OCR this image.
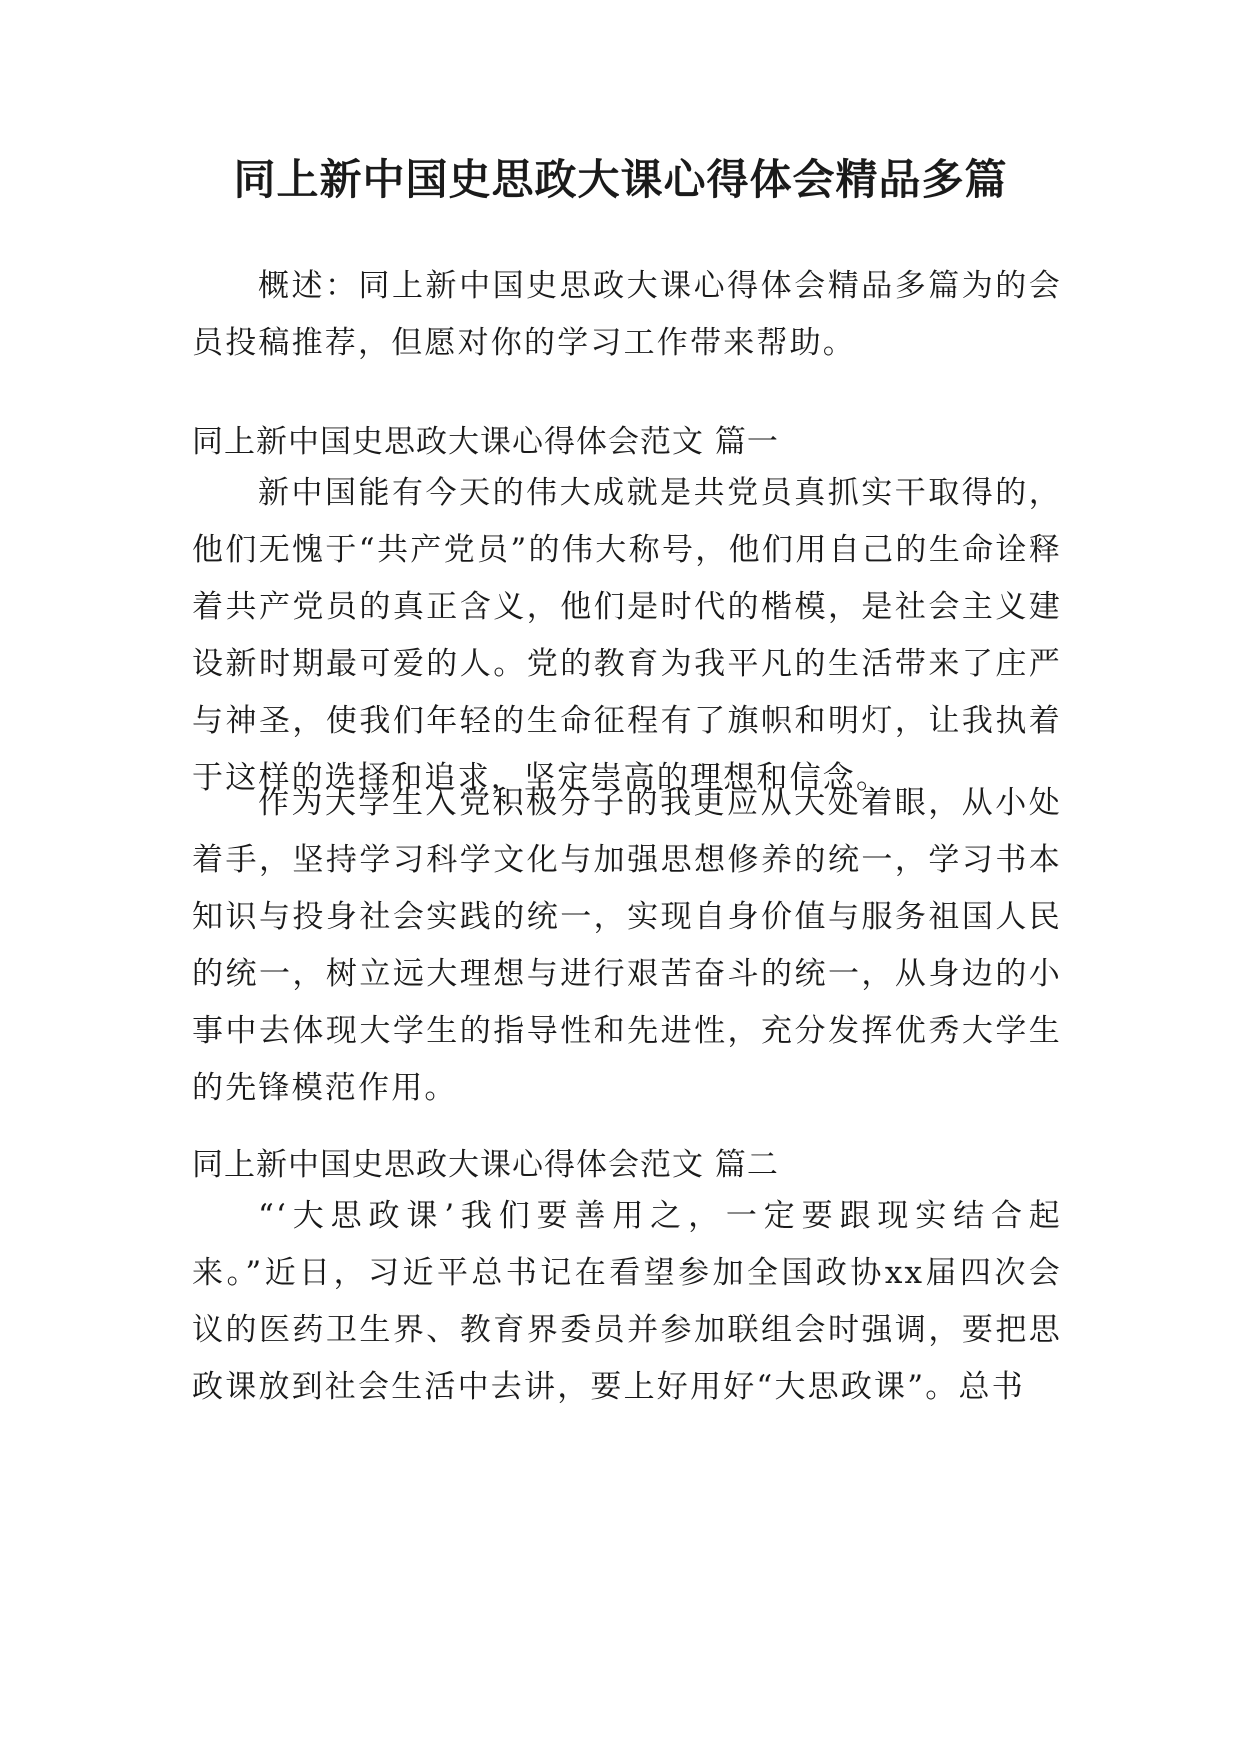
同上新中国史思政大课心得体会精品多篇
概述：同上新中国史思政大课心得体会精品多篇为的会员投稿推荐，但愿对你的学习工作带来帮助。
同上新中国史思政大课心得体会范文 篇一
新中国能有今天的伟大成就是共党员真抓实干取得的，他们无愧于“共产党员”的伟大称号，他们用自己的生命诠释着共产党员的真正含义，他们是时代的楷模，是社会主义建设新时期最可爱的人。党的教育为我平凡的生活带来了庄严与神圣，使我们年轻的生命征程有了旗帜和明灯，让我执着于这样的选择和追求，坚定崇高的理想和信念。
作为大学生入党积极分子的我更应从大处着眼，从小处着手，坚持学习科学文化与加强思想修养的统一，学习书本知识与投身社会实践的统一，实现自身价值与服务祖国人民的统一，树立远大理想与进行艰苦奋斗的统一，从身边的小事中去体现大学生的指导性和先进性，充分发挥优秀大学生的先锋模范作用。
同上新中国史思政大课心得体会范文 篇二
“‘大思政课’我们要善用之，一定要跟现实结合起来。”近日，习近平总书记在看望参加全国政协xx届四次会议的医药卫生界、教育界委员并参加联组会时强调，要把思政课放到社会生活中去讲，要上好用好“大思政课”。总书
